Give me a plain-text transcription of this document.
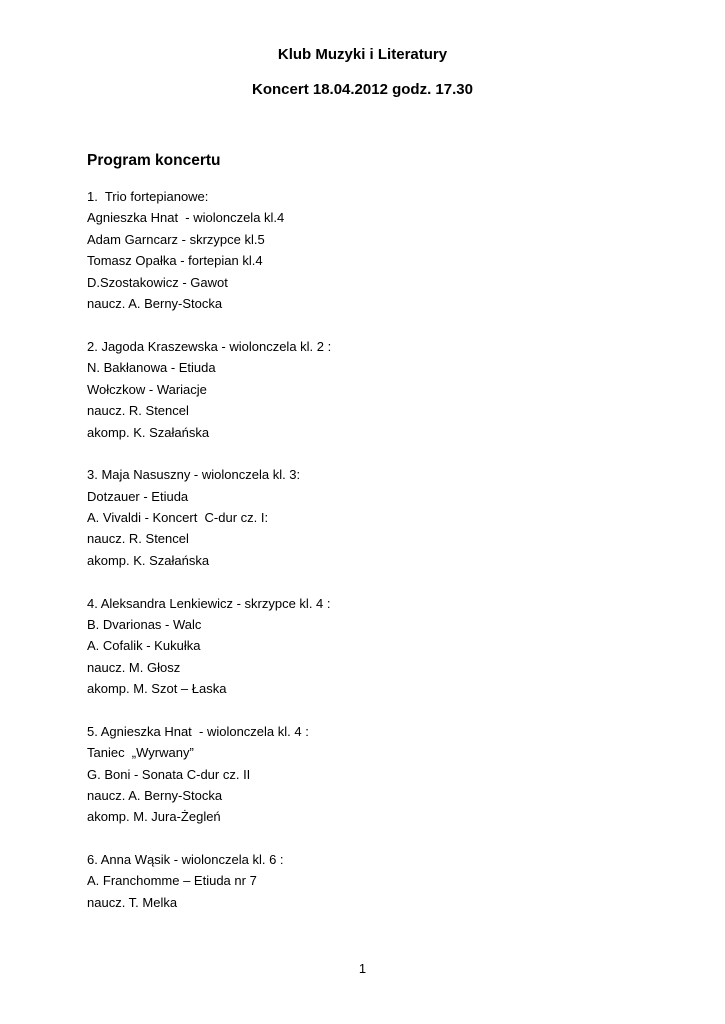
Klub Muzyki i Literatury
Koncert 18.04.2012 godz. 17.30
Program koncertu
1.  Trio fortepianowe:
Agnieszka Hnat  - wiolonczela kl.4
Adam Garncarz - skrzypce kl.5
Tomasz Opałka - fortepian kl.4
D.Szostakowicz - Gawot
naucz. A. Berny-Stocka
2. Jagoda Kraszewska - wiolonczela kl. 2 :
N. Bakłanowa - Etiuda
Wołczkow - Wariacje
naucz. R. Stencel
akomp. K. Szałańska
3. Maja Nasuszny - wiolonczela kl. 3:
Dotzauer - Etiuda
A. Vivaldi - Koncert  C-dur cz. I:
naucz. R. Stencel
akomp. K. Szałańska
4. Aleksandra Lenkiewicz - skrzypce kl. 4 :
B. Dvarionas - Walc
A. Cofalik - Kukułka
naucz. M. Głosz
akomp. M. Szot – Łaska
5. Agnieszka Hnat  - wiolonczela kl. 4 :
Taniec  „Wyrwany”
G. Boni - Sonata C-dur cz. II
naucz. A. Berny-Stocka
akomp. M. Jura-Żegleń
6. Anna Wąsik - wiolonczela kl. 6 :
A. Franchomme – Etiuda nr 7
naucz. T. Melka
1
